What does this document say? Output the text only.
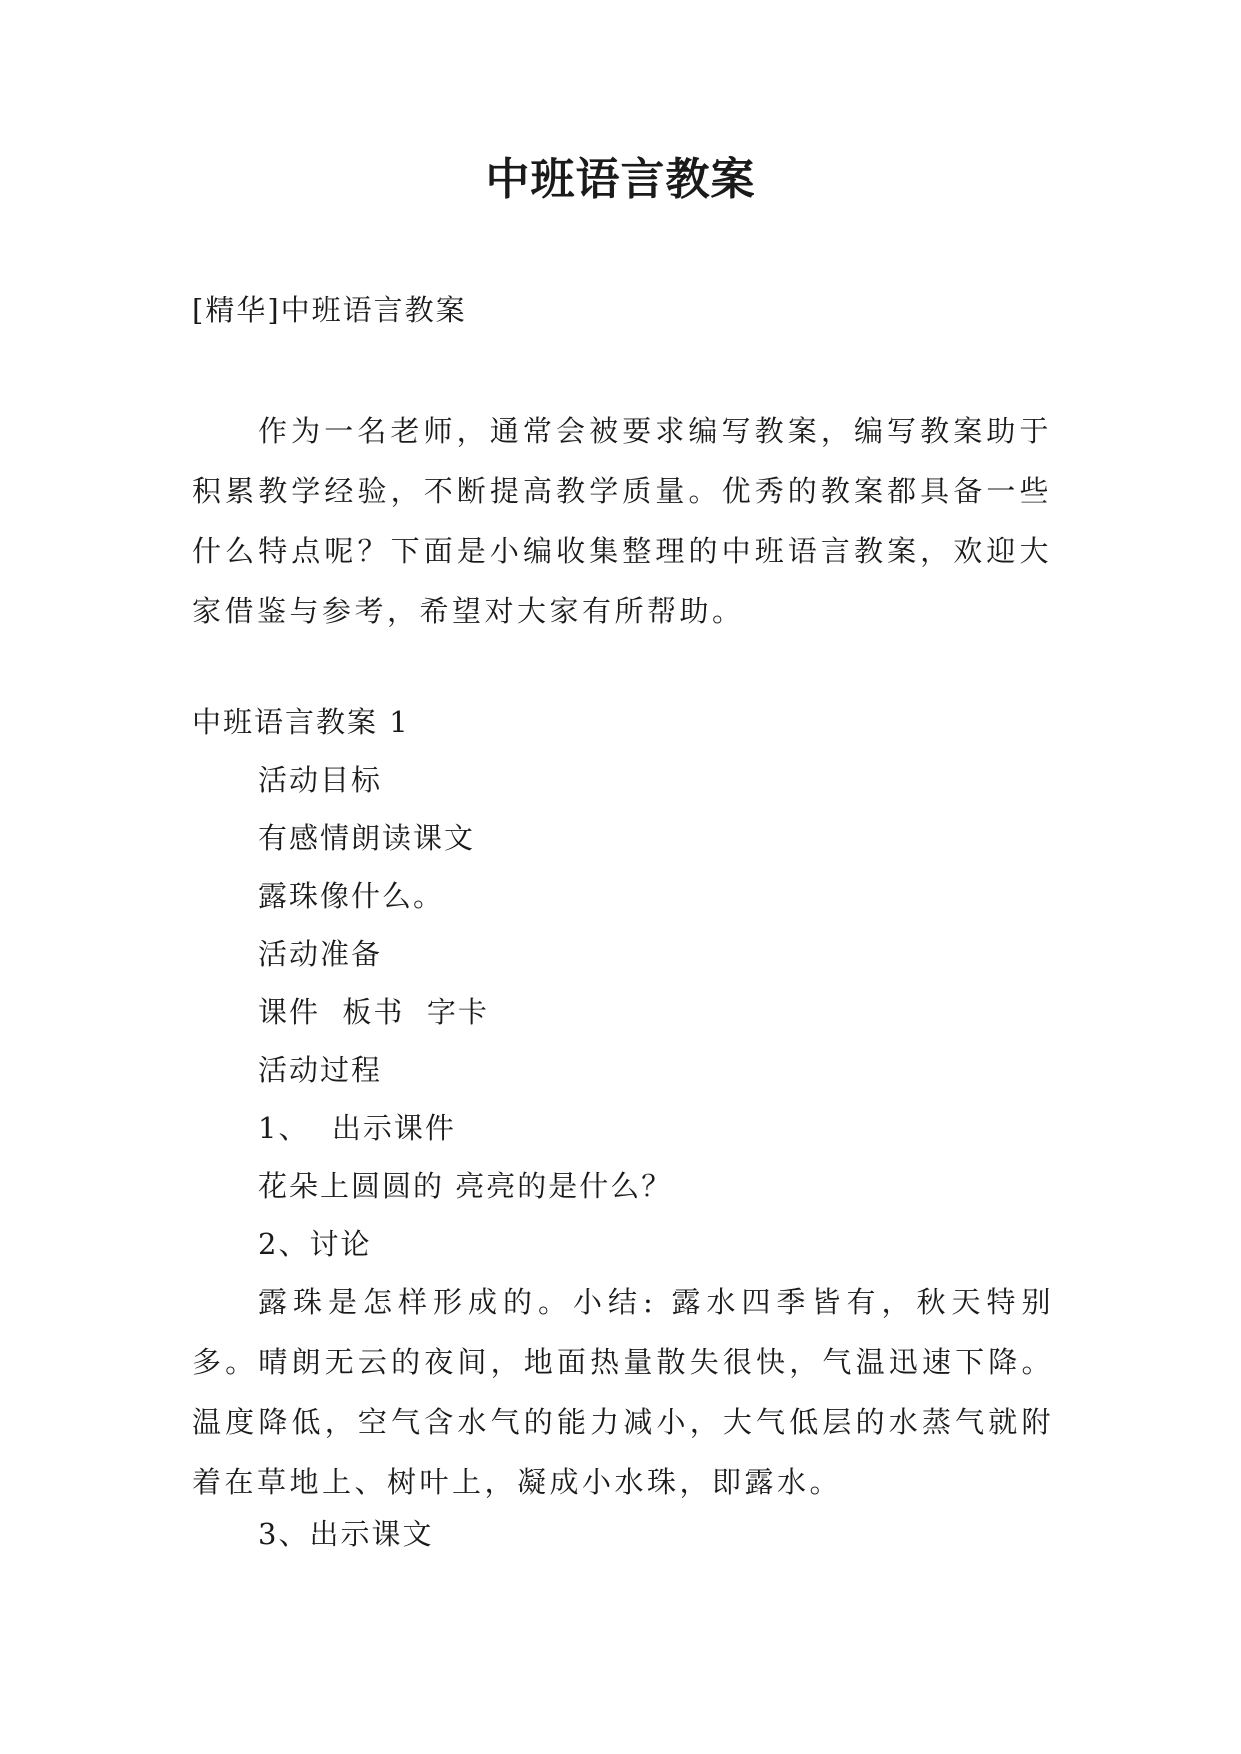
中班语言教案
[精华]中班语言教案
作为一名老师，通常会被要求编写教案，编写教案助于积累教学经验，不断提高教学质量。优秀的教案都具备一些什么特点呢？下面是小编收集整理的中班语言教案，欢迎大家借鉴与参考，希望对大家有所帮助。
中班语言教案 1
活动目标
有感情朗读课文
露珠像什么。
活动准备
课件  板书  字卡
活动过程
1、  出示课件
花朵上圆圆的 亮亮的是什么？
2、讨论
露珠是怎样形成的。小结: 露水四季皆有，秋天特别多。晴朗无云的夜间，地面热量散失很快，气温迅速下降。温度降低，空气含水气的能力减小，大气低层的水蒸气就附着在草地上、树叶上，凝成小水珠，即露水。
3、出示课文
